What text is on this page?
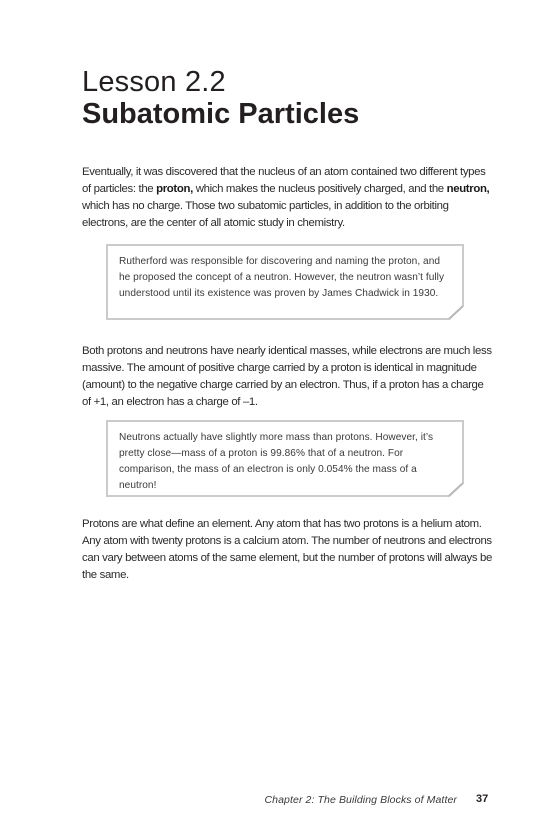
Lesson 2.2
Subatomic Particles

Eventually, it was discovered that the nucleus of an atom contained two different types of particles: the proton, which makes the nucleus positively charged, and the neutron, which has no charge. Those two subatomic particles, in addition to the orbiting electrons, are the center of all atomic study in chemistry.

Rutherford was responsible for discovering and naming the proton, and he proposed the concept of a neutron. However, the neutron wasn’t fully understood until its existence was proven by James Chadwick in 1930.

Both protons and neutrons have nearly identical masses, while electrons are much less massive. The amount of positive charge carried by a proton is identical in magnitude (amount) to the negative charge carried by an electron. Thus, if a proton has a charge of +1, an electron has a charge of –1.

Neutrons actually have slightly more mass than protons. However, it’s pretty close—mass of a proton is 99.86% that of a neutron. For comparison, the mass of an electron is only 0.054% the mass of a neutron!

Protons are what define an element. Any atom that has two protons is a helium atom. Any atom with twenty protons is a calcium atom. The number of neutrons and electrons can vary between atoms of the same element, but the number of protons will always be the same.

Chapter 2: The Building Blocks of Matter 37
